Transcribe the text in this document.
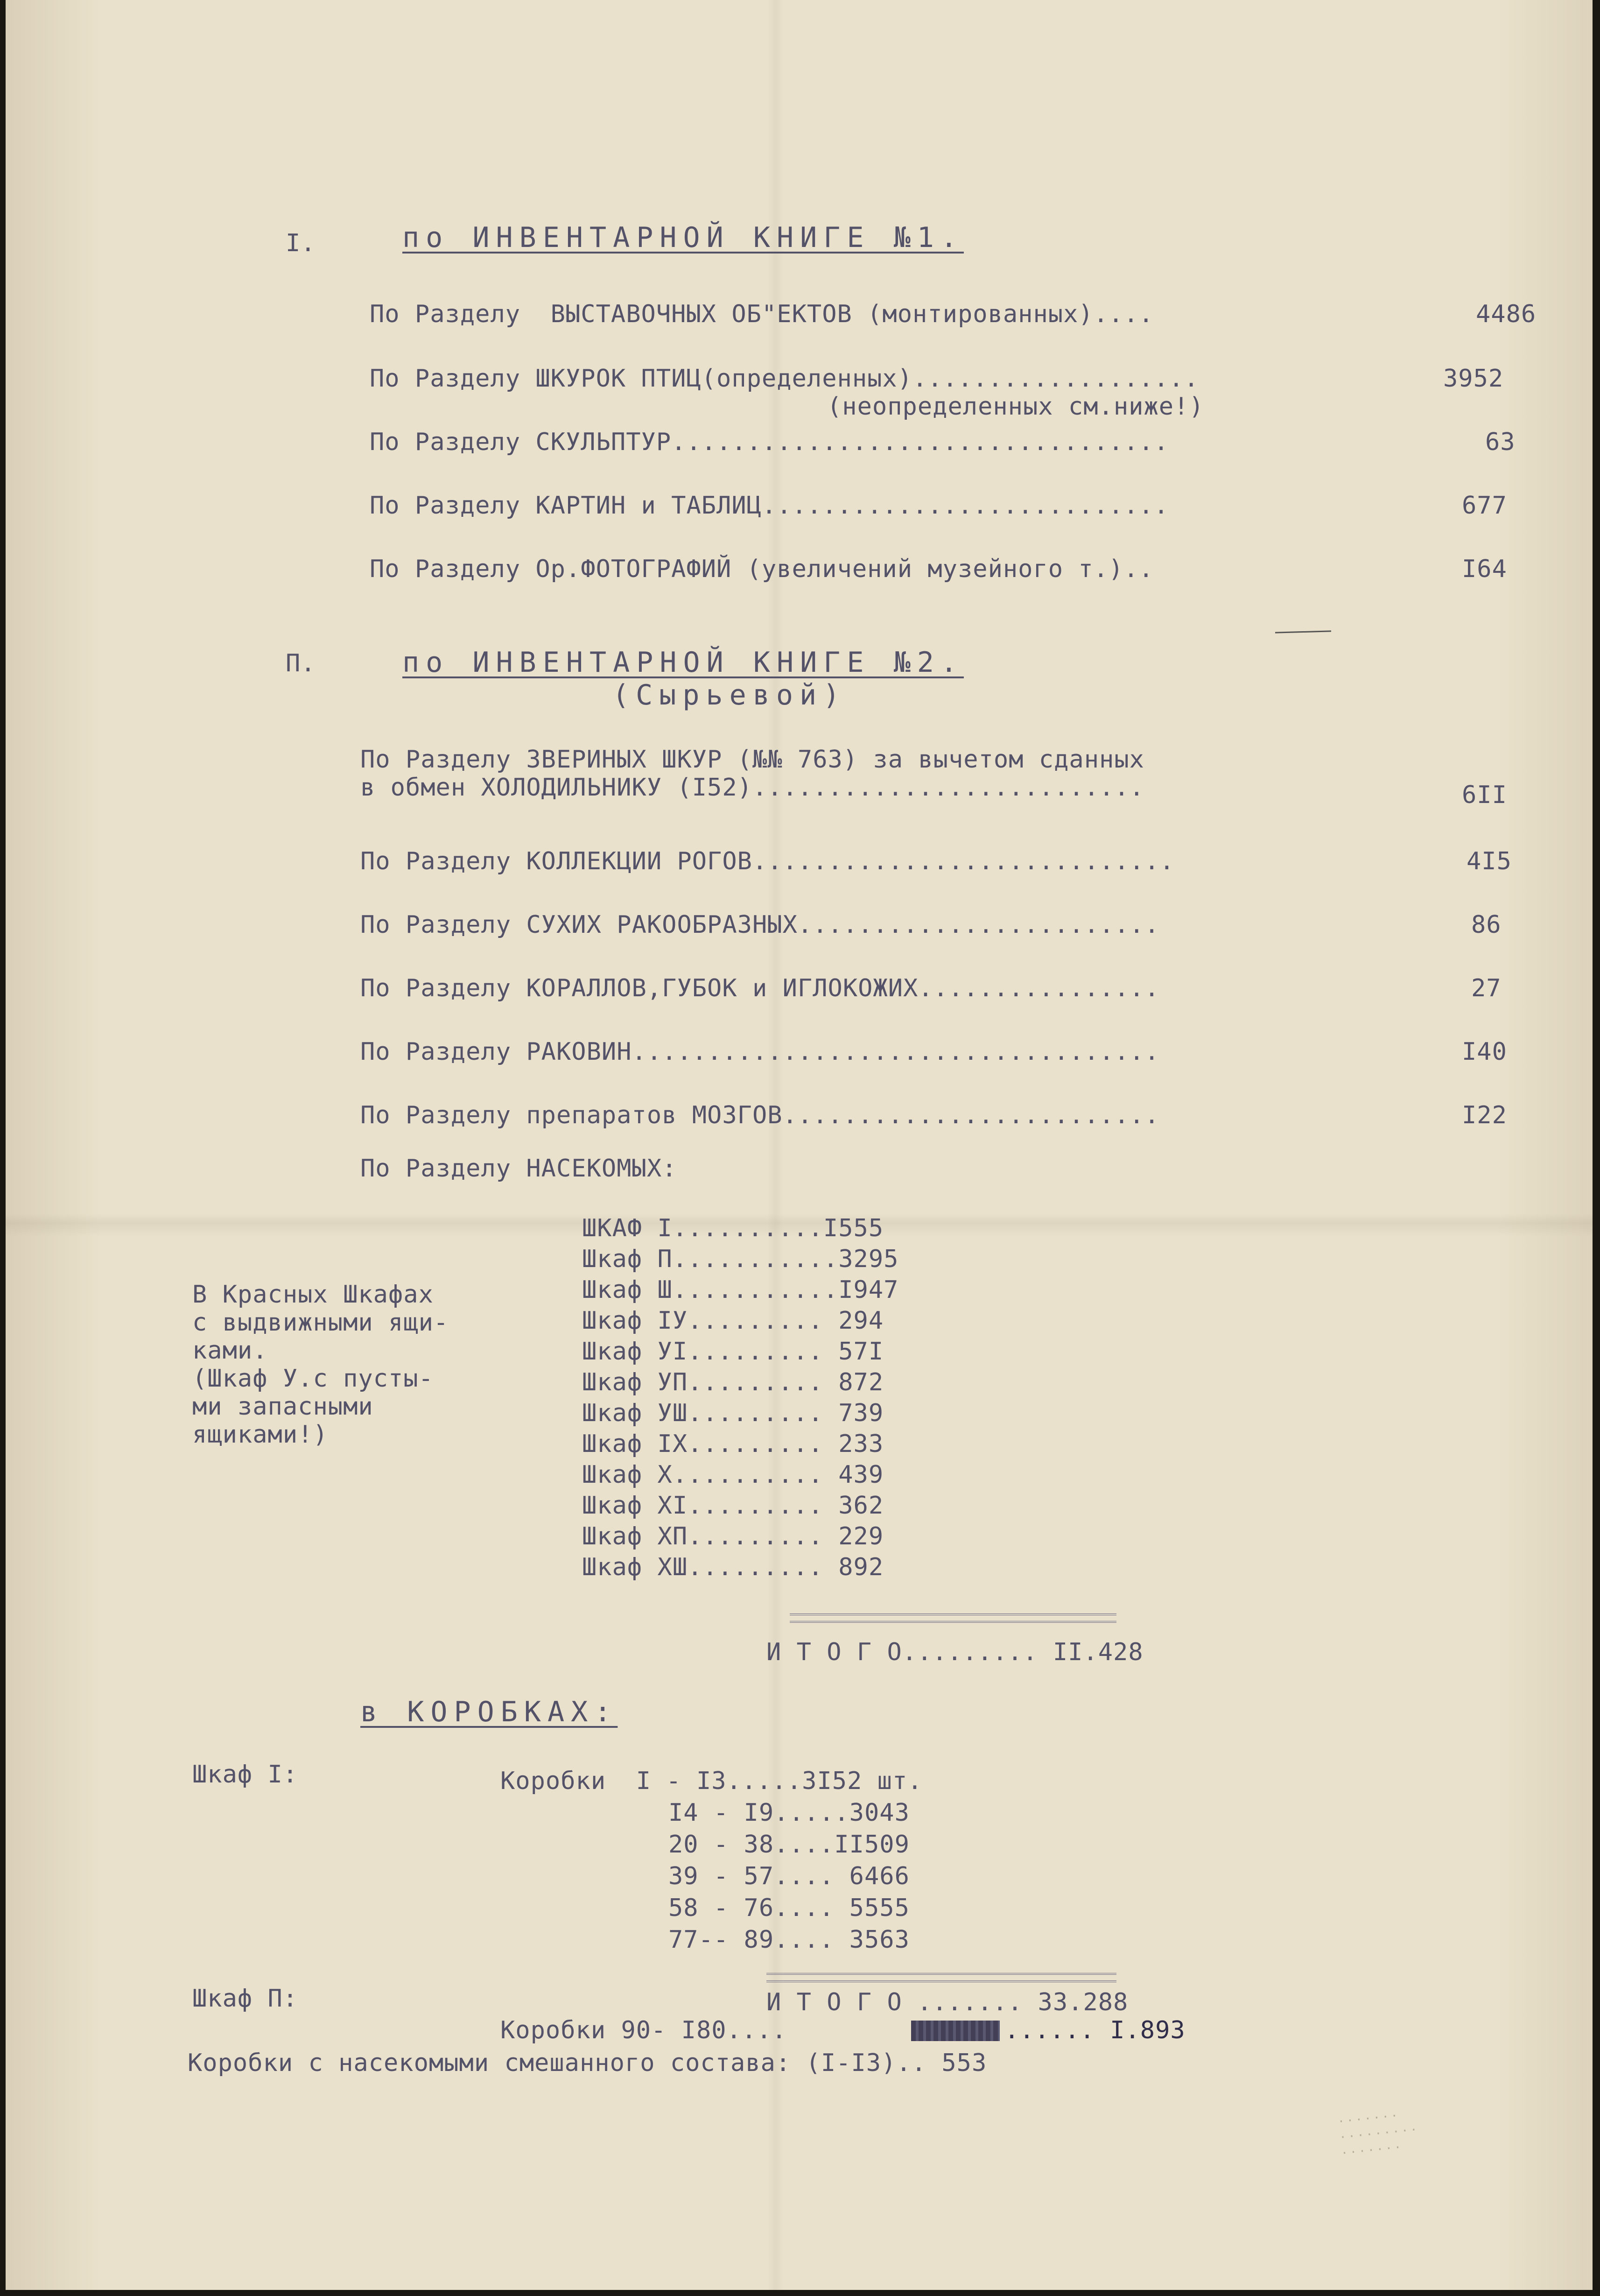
I.	по ИНВЕНТАРНОЙ КНИГЕ №1.
По Разделу  ВЫСТАВОЧНЫХ ОБ"ЕКТОВ (монтированных)....	4486
По Разделу ШКУРОК ПТИЦ(определенных)...................	3952
(неопределенных см.ниже!)
По Разделу СКУЛЬПТУР.................................	63
По Разделу КАРТИН и ТАБЛИЦ...........................	677
По Разделу Ор.ФОТОГРАФИЙ (увеличений музейного т.)..	I64
П.	по ИНВЕНТАРНОЙ КНИГЕ №2.
(Сырьевой)
По Разделу ЗВЕРИНЫХ ШКУР (№№ 763) за вычетом сданных
в обмен ХОЛОДИЛЬНИКУ (I52)..........................	6II
По Разделу КОЛЛЕКЦИИ РОГОВ............................	4I5
По Разделу СУХИХ РАКООБРАЗНЫХ........................	86
По Разделу КОРАЛЛОВ,ГУБОК и ИГЛОКОЖИХ................	27
По Разделу РАКОВИН...................................	I40
По Разделу препаратов МОЗГОВ.........................	I22
По Разделу НАСЕКОМЫХ:
В Красных Шкафах
с выдвижными ящи-
ками.
(Шкаф У.с пусты-
ми запасными
ящиками!)
ШКАФ I..........I555
Шкаф П...........3295
Шкаф Ш...........I947
Шкаф IУ......... 294
Шкаф УI......... 57I
Шкаф УП......... 872
Шкаф УШ......... 739
Шкаф IX......... 233
Шкаф X.......... 439
Шкаф XI......... 362
Шкаф XП......... 229
Шкаф XШ......... 892
И Т О Г О......... II.428
в КОРОБКАХ:
Шкаф I:	Коробки  I - I3.....3I52 шт.
I4 - I9.....3043
20 - 38....II509
39 - 57.... 6466
58 - 76.... 5555
77-- 89.... 3563
Шкаф П:	И Т О Г О ....... 33.288
Коробки 90- I80....	...... I.893
Коробки с насекомыми смешанного состава: (I-I3).. 553
· · · · · · ·
· · · · · · · · ·
· · · · · · ·
